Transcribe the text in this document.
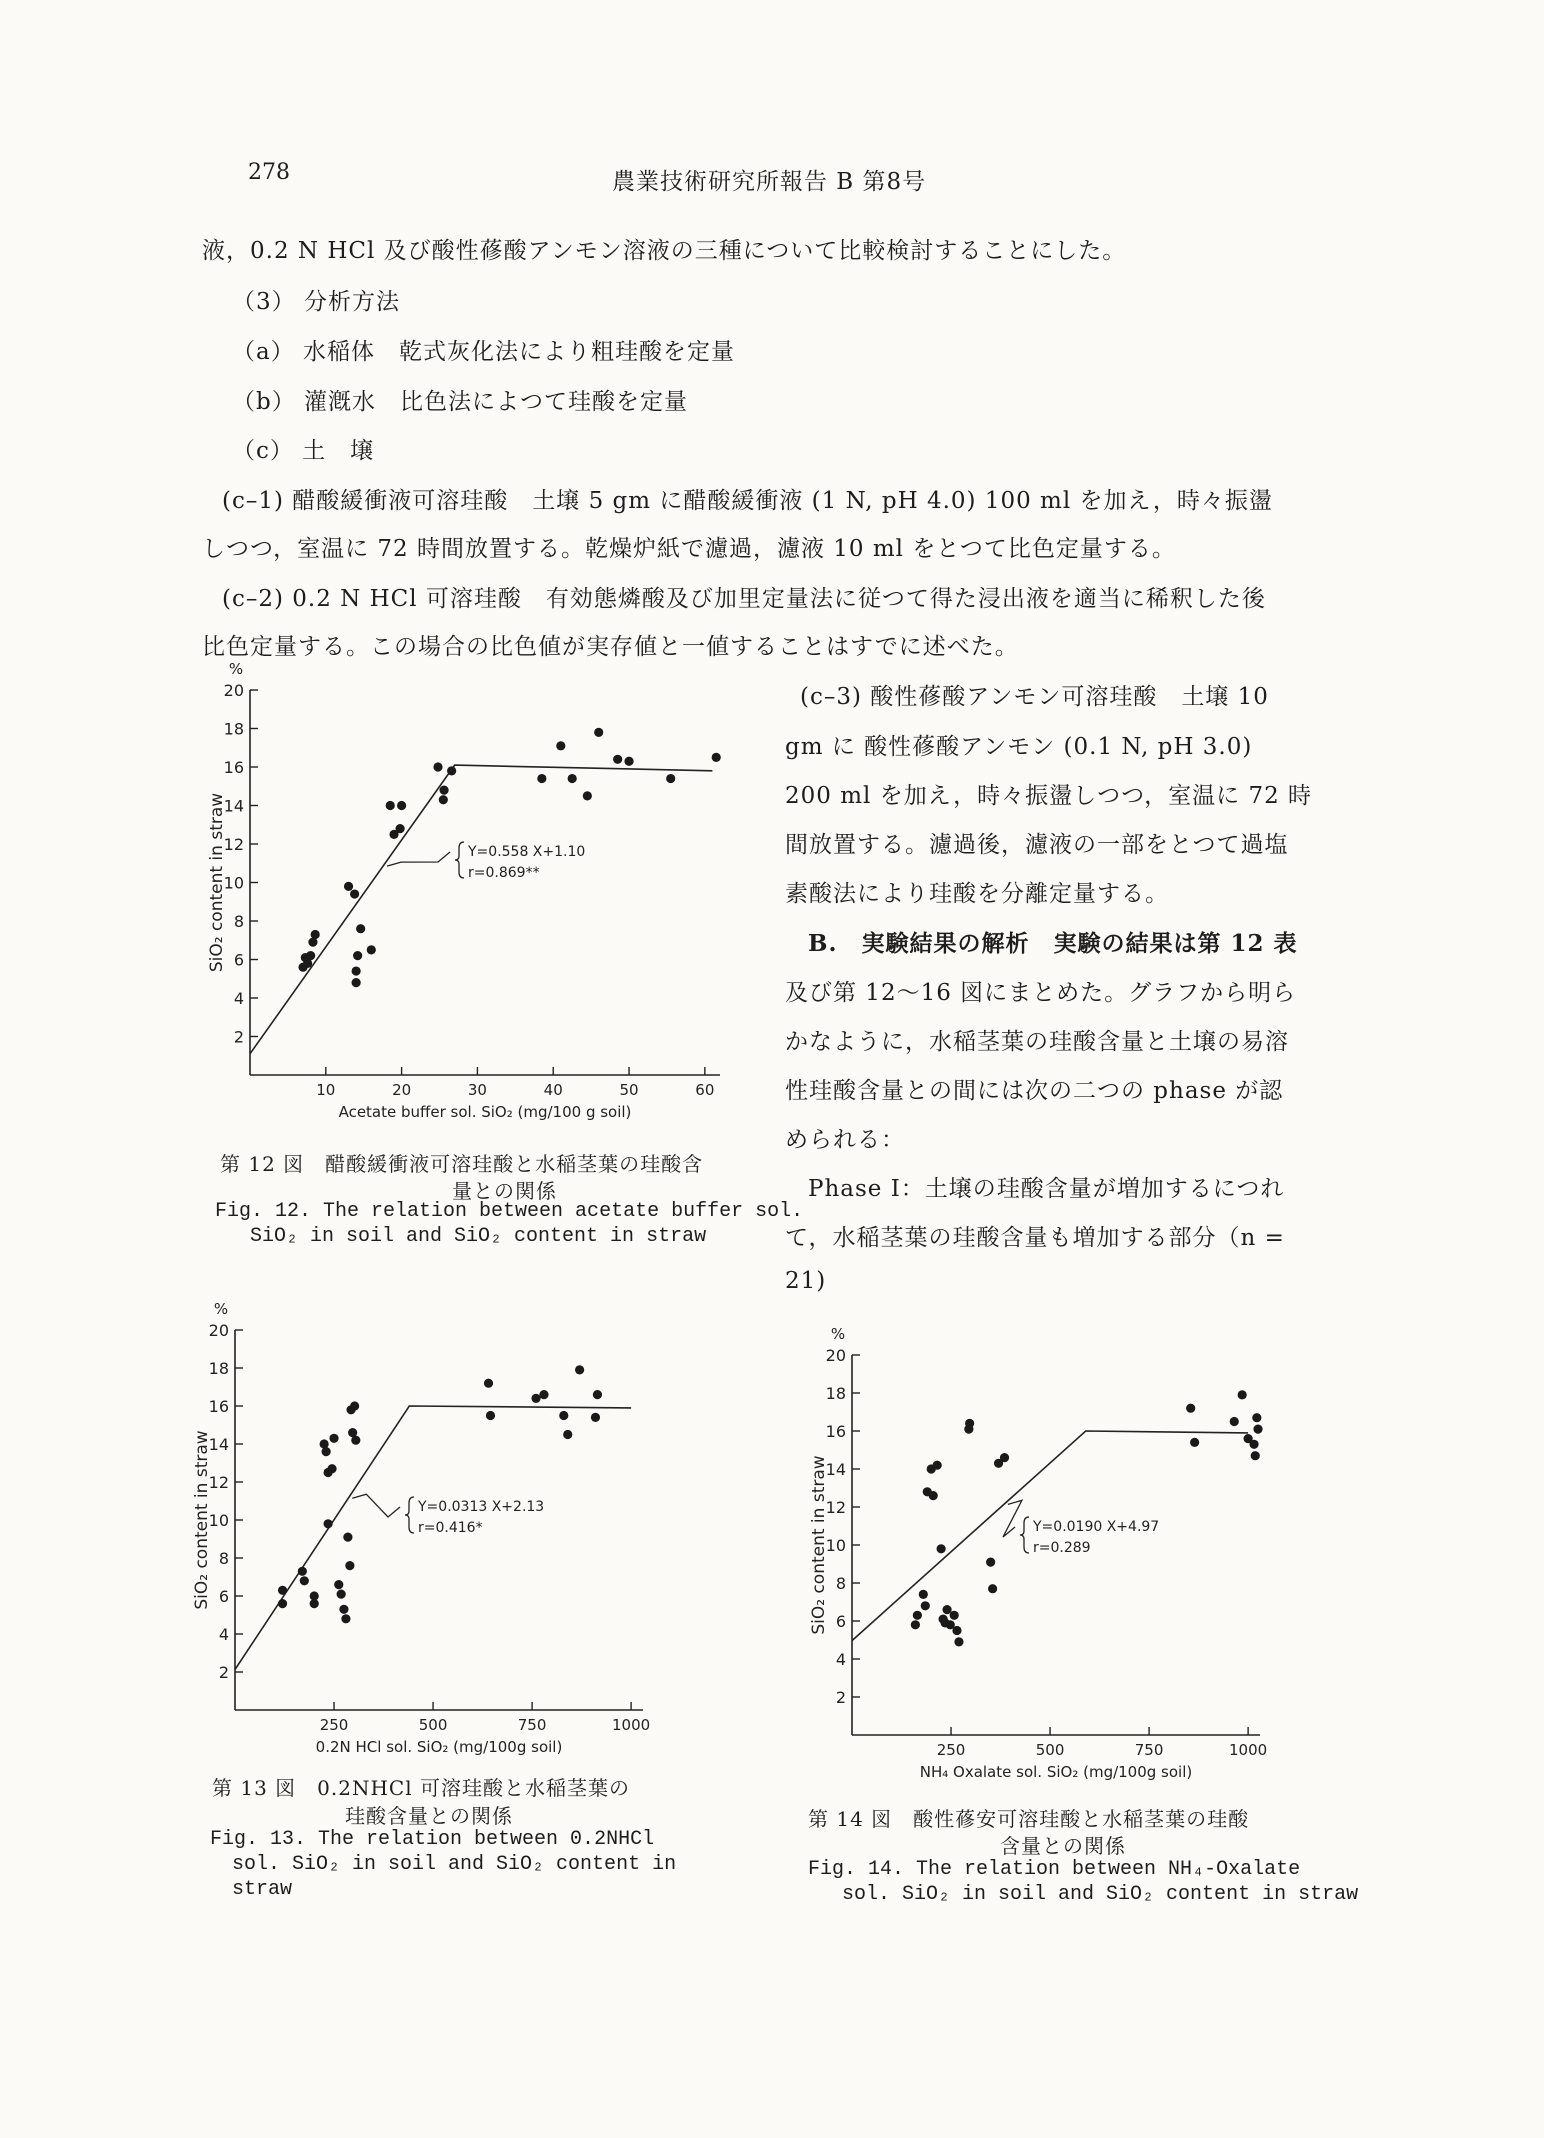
278	農業技術研究所報告 B 第8号
液，0.2 N HCl 及び酸性蓚酸アンモン溶液の三種について比較検討することにした。
（3） 分析方法
（a） 水稲体　乾式灰化法により粗珪酸を定量
（b） 灌漑水　比色法によつて珪酸を定量
（c） 土　壌
(c–1) 醋酸緩衝液可溶珪酸　土壌 5 gm に醋酸緩衝液 (1 N, pH 4.0) 100 ml を加え，時々振盪
しつつ，室温に 72 時間放置する。乾燥炉紙で濾過，濾液 10 ml をとつて比色定量する。
(c–2) 0.2 N HCl 可溶珪酸　有効態燐酸及び加里定量法に従つて得た浸出液を適当に稀釈した後
比色定量する。この場合の比色値が実存値と一値することはすでに述べた。
(c–3) 酸性蓚酸アンモン可溶珪酸　土壌 10
gm に 酸性蓚酸アンモン (0.1 N, pH 3.0)
200 ml を加え，時々振盪しつつ，室温に 72 時
間放置する。濾過後，濾液の一部をとつて過塩
素酸法により珪酸を分離定量する。
B.　実験結果の解析　実験の結果は第 12 表
及び第 12～16 図にまとめた。グラフから明ら
かなように，水稲茎葉の珪酸含量と土壌の易溶
性珪酸含量との間には次の二つの phase が認
められる：
Phase Ⅰ：土壌の珪酸含量が増加するにつれ
て，水稲茎葉の珪酸含量も増加する部分（n =
21)
2
4
6
8
10
12
14
16
18
20
%
10	20	30	40	50	60
Acetate buffer sol. SiO₂ (mg/100 g soil)
SiO₂ content in straw	Y=0.558 X+1.10
r=0.869**
第 12 図　醋酸緩衝液可溶珪酸と水稲茎葉の珪酸含
量との関係
Fig. 12. The relation between acetate buffer sol.
SiO₂ in soil and SiO₂ content in straw
2
4
6
8
10
12
14
16
18
20
%
250	500	750	1000
0.2N HCl sol. SiO₂ (mg/100g soil)
SiO₂ content in straw	Y=0.0313 X+2.13
r=0.416*
第 13 図　0.2NHCl 可溶珪酸と水稲茎葉の
珪酸含量との関係
Fig. 13. The relation between 0.2NHCl
sol. SiO₂ in soil and SiO₂ content in
straw
2
4
6
8
10
12
14
16
18
20
%
250	500	750	1000
NH₄ Oxalate sol. SiO₂ (mg/100g soil)
SiO₂ content in straw	Y=0.0190 X+4.97
r=0.289
第 14 図　酸性蓚安可溶珪酸と水稲茎葉の珪酸
含量との関係
Fig. 14. The relation between NH₄-Oxalate
sol. SiO₂ in soil and SiO₂ content in straw
